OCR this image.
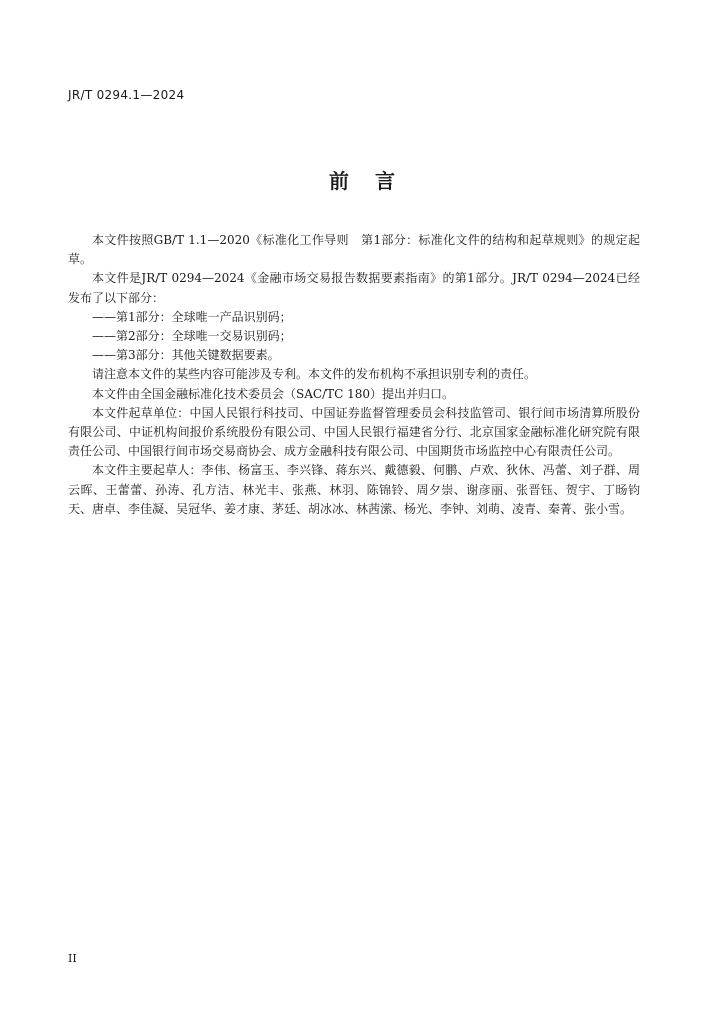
JR/T 0294.1—2024
前言

本文件按照GB/T 1.1—2020《标准化工作导则　第1部分：标准化文件的结构和起草规则》的规定起草。

本文件是JR/T 0294—2024《金融市场交易报告数据要素指南》的第1部分。JR/T 0294—2024已经发布了以下部分：

——第1部分：全球唯一产品识别码；

——第2部分：全球唯一交易识别码；

——第3部分：其他关键数据要素。

请注意本文件的某些内容可能涉及专利。本文件的发布机构不承担识别专利的责任。

本文件由全国金融标准化技术委员会（SAC/TC 180）提出并归口。

本文件起草单位：中国人民银行科技司、中国证券监督管理委员会科技监管司、银行间市场清算所股份有限公司、中证机构间报价系统股份有限公司、中国人民银行福建省分行、北京国家金融标准化研究院有限责任公司、中国银行间市场交易商协会、成方金融科技有限公司、中国期货市场监控中心有限责任公司。

本文件主要起草人：李伟、杨富玉、李兴锋、蒋东兴、戴德毅、何鹏、卢欢、狄休、冯蕾、刘子群、周云晖、王蕾蕾、孙涛、孔方洁、林光丰、张燕、林羽、陈锦铃、周夕崇、谢彦丽、张晋钰、贺宇、丁旸钧天、唐卓、李佳凝、吴冠华、姜才康、茅廷、胡冰冰、林茜潆、杨光、李钟、刘萌、凌青、秦菁、张小雪。

II
